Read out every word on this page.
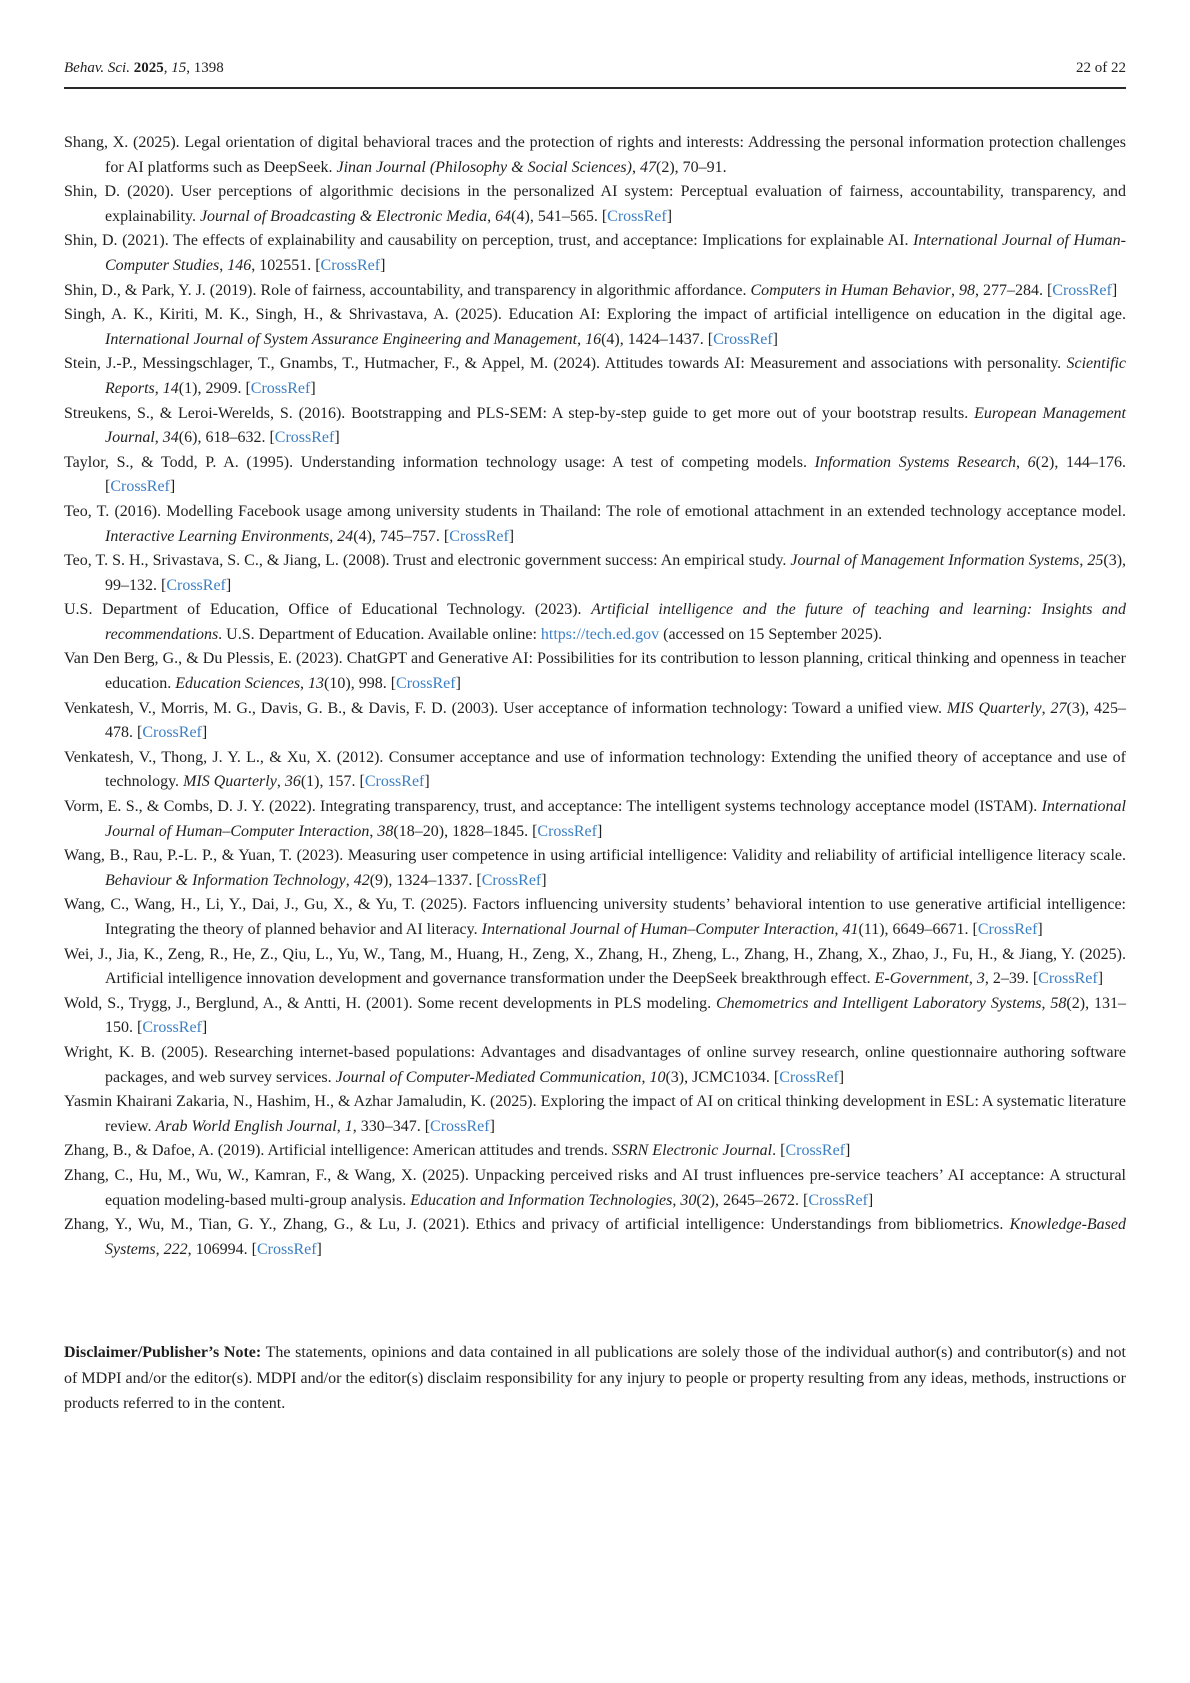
Behav. Sci. 2025, 15, 1398	22 of 22

Shang, X. (2025). Legal orientation of digital behavioral traces and the protection of rights and interests: Addressing the personal information protection challenges for AI platforms such as DeepSeek. Jinan Journal (Philosophy & Social Sciences), 47(2), 70–91.

Shin, D. (2020). User perceptions of algorithmic decisions in the personalized AI system: Perceptual evaluation of fairness, accountability, transparency, and explainability. Journal of Broadcasting & Electronic Media, 64(4), 541–565. [CrossRef]

Shin, D. (2021). The effects of explainability and causability on perception, trust, and acceptance: Implications for explainable AI. International Journal of Human-Computer Studies, 146, 102551. [CrossRef]

Shin, D., & Park, Y. J. (2019). Role of fairness, accountability, and transparency in algorithmic affordance. Computers in Human Behavior, 98, 277–284. [CrossRef]

Singh, A. K., Kiriti, M. K., Singh, H., & Shrivastava, A. (2025). Education AI: Exploring the impact of artificial intelligence on education in the digital age. International Journal of System Assurance Engineering and Management, 16(4), 1424–1437. [CrossRef]

Stein, J.-P., Messingschlager, T., Gnambs, T., Hutmacher, F., & Appel, M. (2024). Attitudes towards AI: Measurement and associations with personality. Scientific Reports, 14(1), 2909. [CrossRef]

Streukens, S., & Leroi-Werelds, S. (2016). Bootstrapping and PLS-SEM: A step-by-step guide to get more out of your bootstrap results. European Management Journal, 34(6), 618–632. [CrossRef]

Taylor, S., & Todd, P. A. (1995). Understanding information technology usage: A test of competing models. Information Systems Research, 6(2), 144–176. [CrossRef]

Teo, T. (2016). Modelling Facebook usage among university students in Thailand: The role of emotional attachment in an extended technology acceptance model. Interactive Learning Environments, 24(4), 745–757. [CrossRef]

Teo, T. S. H., Srivastava, S. C., & Jiang, L. (2008). Trust and electronic government success: An empirical study. Journal of Management Information Systems, 25(3), 99–132. [CrossRef]

U.S. Department of Education, Office of Educational Technology. (2023). Artificial intelligence and the future of teaching and learning: Insights and recommendations. U.S. Department of Education. Available online: https://tech.ed.gov (accessed on 15 September 2025).

Van Den Berg, G., & Du Plessis, E. (2023). ChatGPT and Generative AI: Possibilities for its contribution to lesson planning, critical thinking and openness in teacher education. Education Sciences, 13(10), 998. [CrossRef]

Venkatesh, V., Morris, M. G., Davis, G. B., & Davis, F. D. (2003). User acceptance of information technology: Toward a unified view. MIS Quarterly, 27(3), 425–478. [CrossRef]

Venkatesh, V., Thong, J. Y. L., & Xu, X. (2012). Consumer acceptance and use of information technology: Extending the unified theory of acceptance and use of technology. MIS Quarterly, 36(1), 157. [CrossRef]

Vorm, E. S., & Combs, D. J. Y. (2022). Integrating transparency, trust, and acceptance: The intelligent systems technology acceptance model (ISTAM). International Journal of Human–Computer Interaction, 38(18–20), 1828–1845. [CrossRef]

Wang, B., Rau, P.-L. P., & Yuan, T. (2023). Measuring user competence in using artificial intelligence: Validity and reliability of artificial intelligence literacy scale. Behaviour & Information Technology, 42(9), 1324–1337. [CrossRef]

Wang, C., Wang, H., Li, Y., Dai, J., Gu, X., & Yu, T. (2025). Factors influencing university students’ behavioral intention to use generative artificial intelligence: Integrating the theory of planned behavior and AI literacy. International Journal of Human–Computer Interaction, 41(11), 6649–6671. [CrossRef]

Wei, J., Jia, K., Zeng, R., He, Z., Qiu, L., Yu, W., Tang, M., Huang, H., Zeng, X., Zhang, H., Zheng, L., Zhang, H., Zhang, X., Zhao, J., Fu, H., & Jiang, Y. (2025). Artificial intelligence innovation development and governance transformation under the DeepSeek breakthrough effect. E-Government, 3, 2–39. [CrossRef]

Wold, S., Trygg, J., Berglund, A., & Antti, H. (2001). Some recent developments in PLS modeling. Chemometrics and Intelligent Laboratory Systems, 58(2), 131–150. [CrossRef]

Wright, K. B. (2005). Researching internet-based populations: Advantages and disadvantages of online survey research, online questionnaire authoring software packages, and web survey services. Journal of Computer-Mediated Communication, 10(3), JCMC1034. [CrossRef]

Yasmin Khairani Zakaria, N., Hashim, H., & Azhar Jamaludin, K. (2025). Exploring the impact of AI on critical thinking development in ESL: A systematic literature review. Arab World English Journal, 1, 330–347. [CrossRef]

Zhang, B., & Dafoe, A. (2019). Artificial intelligence: American attitudes and trends. SSRN Electronic Journal. [CrossRef]

Zhang, C., Hu, M., Wu, W., Kamran, F., & Wang, X. (2025). Unpacking perceived risks and AI trust influences pre-service teachers’ AI acceptance: A structural equation modeling-based multi-group analysis. Education and Information Technologies, 30(2), 2645–2672. [CrossRef]

Zhang, Y., Wu, M., Tian, G. Y., Zhang, G., & Lu, J. (2021). Ethics and privacy of artificial intelligence: Understandings from bibliometrics. Knowledge-Based Systems, 222, 106994. [CrossRef]

Disclaimer/Publisher’s Note: The statements, opinions and data contained in all publications are solely those of the individual author(s) and contributor(s) and not of MDPI and/or the editor(s). MDPI and/or the editor(s) disclaim responsibility for any injury to people or property resulting from any ideas, methods, instructions or products referred to in the content.
